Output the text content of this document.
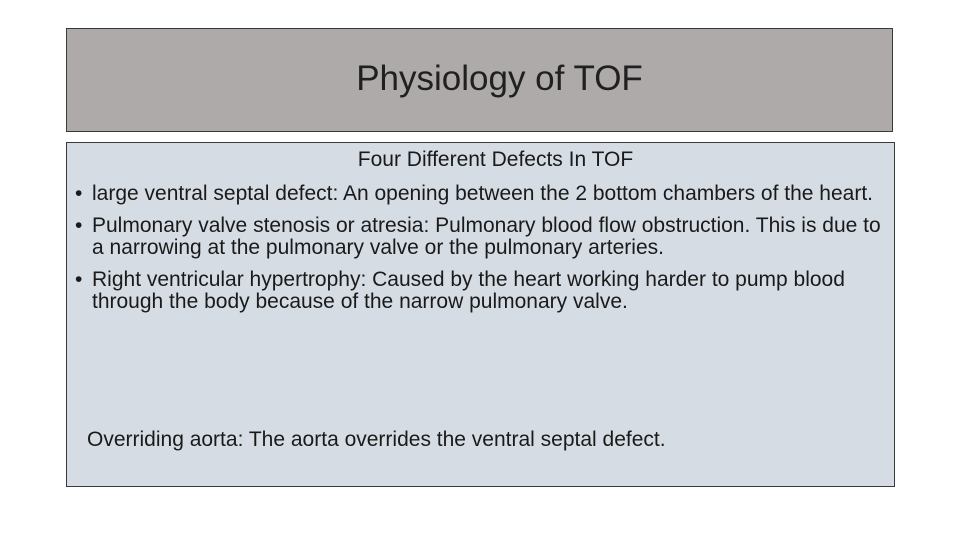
Physiology of TOF
Four Different Defects In TOF
• large ventral septal defect: An opening between the 2 bottom chambers of the heart.
• Pulmonary valve stenosis or atresia: Pulmonary blood flow obstruction. This is due to a narrowing at the pulmonary valve or the pulmonary arteries.
• Right ventricular hypertrophy: Caused by the heart working harder to pump blood through the body because of the narrow pulmonary valve.

Overriding aorta: The aorta overrides the ventral septal defect.
